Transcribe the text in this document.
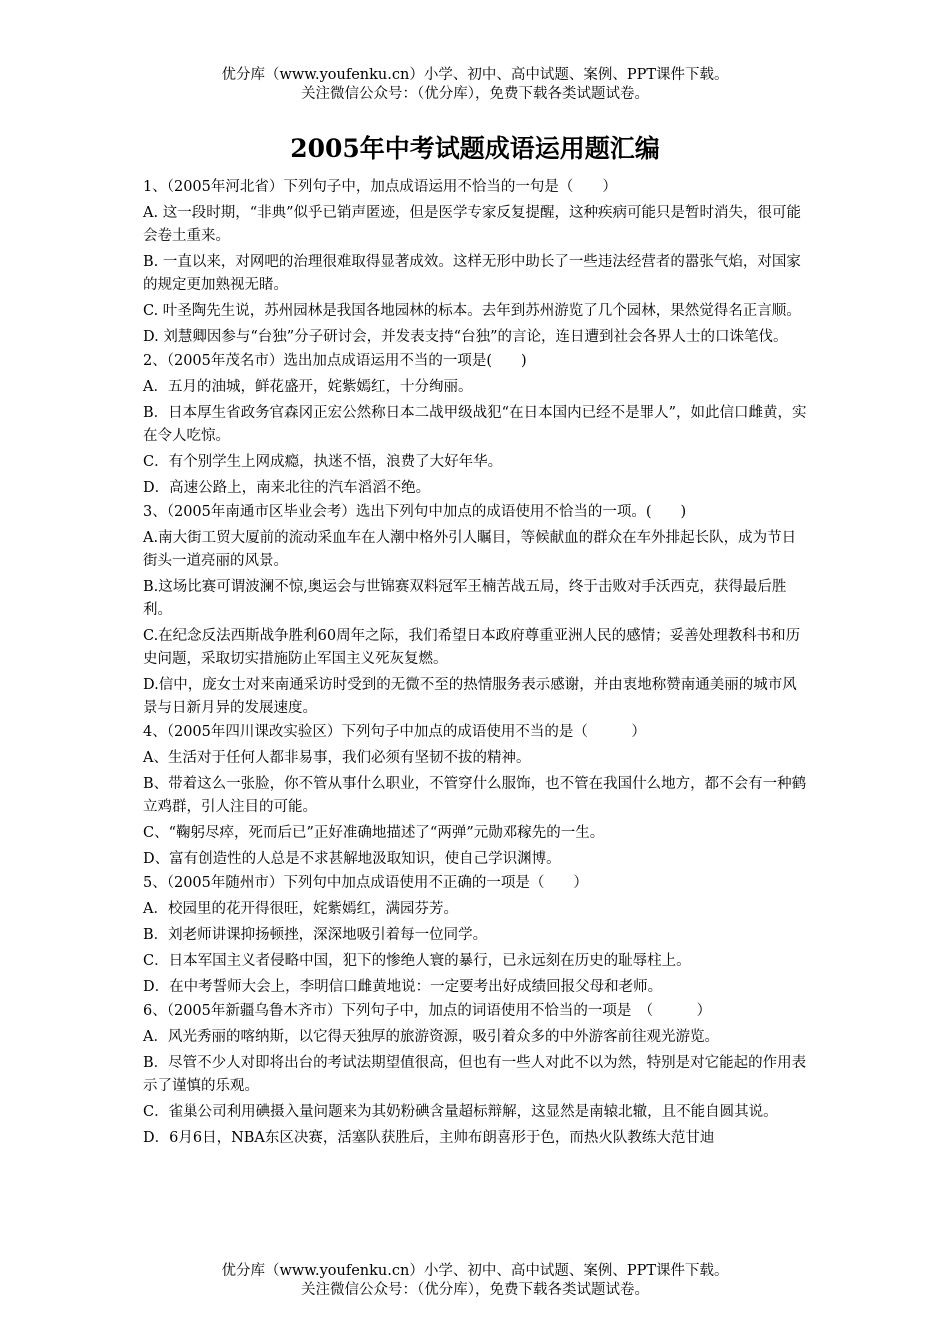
优分库（www.youfenku.cn）小学、初中、高中试题、案例、PPT课件下载。
关注微信公众号：（优分库），免费下载各类试题试卷。
2005年中考试题成语运用题汇编

1、（2005年河北省）下列句子中，加点成语运用不恰当的一句是（　　）

A. 这一段时期，“非典”似乎已销声匿迹，但是医学专家反复提醒，这种疾病可能只是暂时消失，很可能会卷土重来。

B. 一直以来，对网吧的治理很难取得显著成效。这样无形中助长了一些违法经营者的嚣张气焰，对国家的规定更加熟视无睹。

C. 叶圣陶先生说，苏州园林是我国各地园林的标本。去年到苏州游览了几个园林，果然觉得名正言顺。

D. 刘慧卿因参与“台独”分子研讨会，并发表支持“台独”的言论，连日遭到社会各界人士的口诛笔伐。

2、（2005年茂名市）选出加点成语运用不当的一项是(　　)

A．五月的油城，鲜花盛开，姹紫嫣红，十分绚丽。

B．日本厚生省政务官森冈正宏公然称日本二战甲级战犯“在日本国内已经不是罪人”，如此信口雌黄，实在令人吃惊。

C．有个别学生上网成瘾，执迷不悟，浪费了大好年华。

D．高速公路上，南来北往的汽车滔滔不绝。

3、（2005年南通市区毕业会考）选出下列句中加点的成语使用不恰当的一项。(　　)

A.南大街工贸大厦前的流动采血车在人潮中格外引人瞩目，等候献血的群众在车外排起长队，成为节日街头一道亮丽的风景。

B.这场比赛可谓波澜不惊,奥运会与世锦赛双料冠军王楠苦战五局，终于击败对手沃西克，获得最后胜利。

C.在纪念反法西斯战争胜利60周年之际，我们希望日本政府尊重亚洲人民的感情；妥善处理教科书和历史问题，采取切实措施防止军国主义死灰复燃。

D.信中，庞女士对来南通采访时受到的无微不至的热情服务表示感谢，并由衷地称赞南通美丽的城市风景与日新月异的发展速度。

4、（2005年四川课改实验区）下列句子中加点的成语使用不当的是（　　　）

A、生活对于任何人都非易事，我们必须有坚韧不拔的精神。

B、带着这么一张脸，你不管从事什么职业，不管穿什么服饰，也不管在我国什么地方，都不会有一种鹤立鸡群，引人注目的可能。

C、“鞠躬尽瘁，死而后已”正好准确地描述了“两弹”元勋邓稼先的一生。

D、富有创造性的人总是不求甚解地汲取知识，使自己学识渊博。

5、（2005年随州市）下列句中加点成语使用不正确的一项是（　　）

A．校园里的花开得很旺，姹紫嫣红，满园芬芳。

B．刘老师讲课抑扬顿挫，深深地吸引着每一位同学。

C．日本军国主义者侵略中国，犯下的惨绝人寰的暴行，已永远刻在历史的耻辱柱上。

D．在中考誓师大会上，李明信口雌黄地说：一定要考出好成绩回报父母和老师。

6、（2005年新疆乌鲁木齐市）下列句子中，加点的词语使用不恰当的一项是　（　　　）

A．风光秀丽的喀纳斯，以它得天独厚的旅游资源，吸引着众多的中外游客前往观光游览。

B．尽管不少人对即将出台的考试法期望值很高，但也有一些人对此不以为然，特别是对它能起的作用表示了谨慎的乐观。

C．雀巢公司利用碘摄入量问题来为其奶粉碘含量超标辩解，这显然是南辕北辙，且不能自圆其说。

D．6月6日，NBA东区决赛，活塞队获胜后，主帅布朗喜形于色，而热火队教练大范甘迪

优分库（www.youfenku.cn）小学、初中、高中试题、案例、PPT课件下载。
关注微信公众号：（优分库），免费下载各类试题试卷。
